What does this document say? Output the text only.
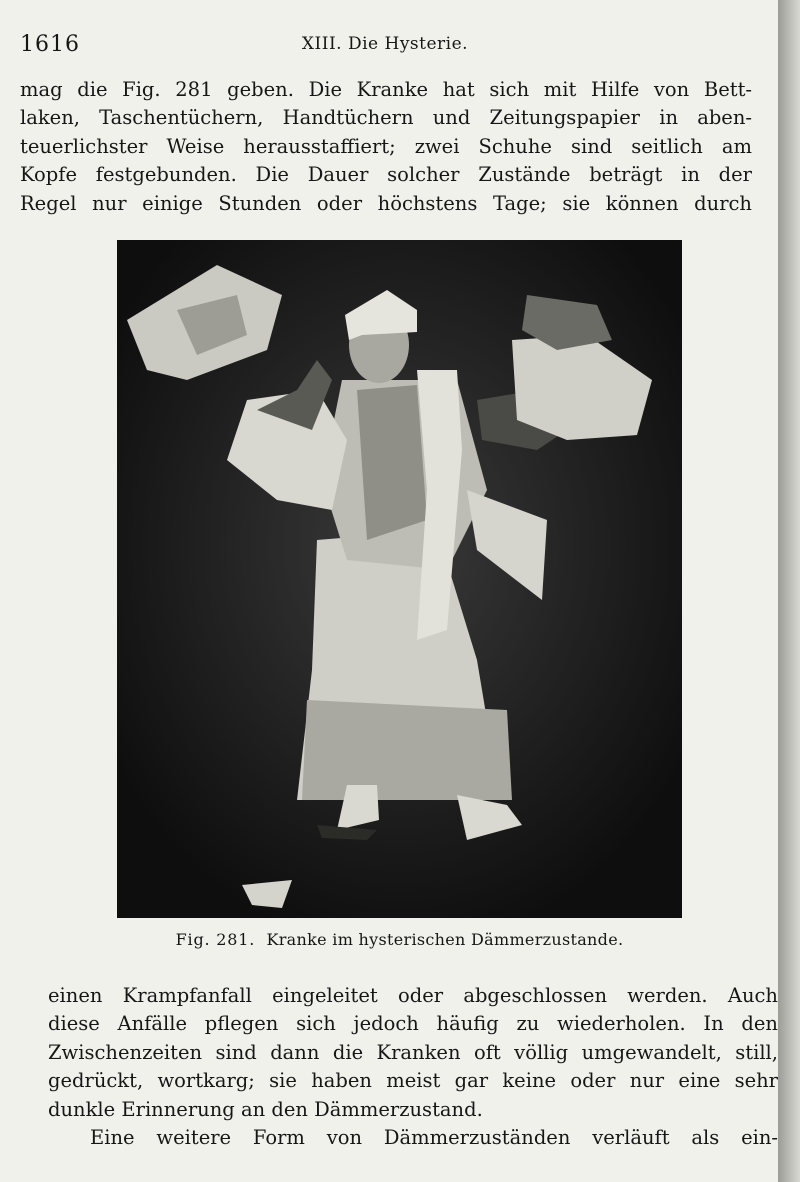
1616	XIII. Die Hysterie.
mag die Fig. 281 geben. Die Kranke hat sich mit Hilfe von Bett-
laken, Taschentüchern, Handtüchern und Zeitungspapier in aben-
teuerlichster Weise herausstaffiert; zwei Schuhe sind seitlich am
Kopfe festgebunden. Die Dauer solcher Zustände beträgt in der
Regel nur einige Stunden oder höchstens Tage; sie können durch
Fig. 281. Kranke im hysterischen Dämmerzustande.
einen Krampfanfall eingeleitet oder abgeschlossen werden. Auch
diese Anfälle pflegen sich jedoch häufig zu wiederholen. In den
Zwischenzeiten sind dann die Kranken oft völlig umgewandelt, still,
gedrückt, wortkarg; sie haben meist gar keine oder nur eine sehr
dunkle Erinnerung an den Dämmerzustand.
Eine weitere Form von Dämmerzuständen verläuft als ein-
